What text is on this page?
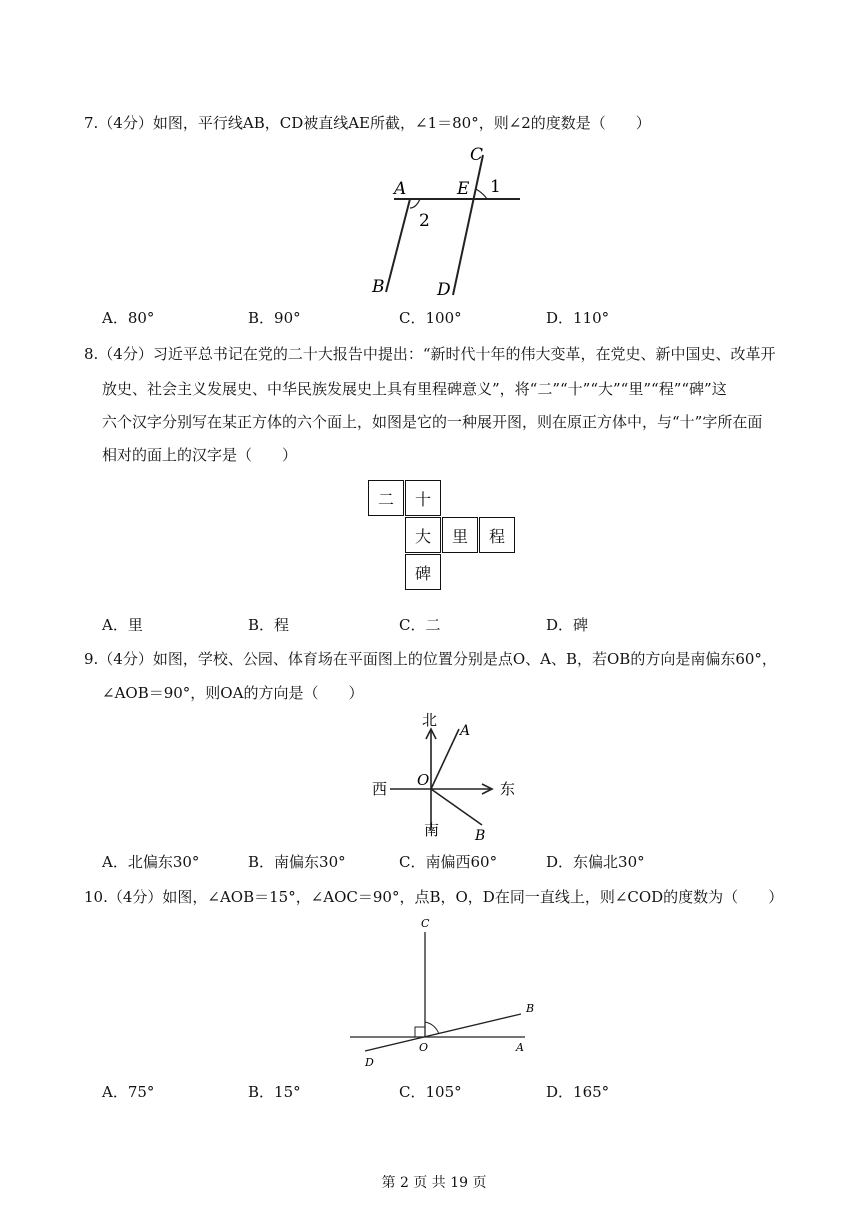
7.（4分）如图，平行线AB，CD被直线AE所截，∠1＝80°，则∠2的度数是（　　）
A	E
C
B	D
1
2
A．80°	B．90°	C．100°	D．110°
8.（4分）习近平总书记在党的二十大报告中提出：“新时代十年的伟大变革，在党史、新中国史、改革开
放史、社会主义发展史、中华民族发展史上具有里程碑意义”，将“二”“十”“大”“里”“程”“碑”这
六个汉字分别写在某正方体的六个面上，如图是它的一种展开图，则在原正方体中，与“十”字所在面
相对的面上的汉字是（　　）
二	十
大	里	程
碑
A．里	B．程	C．二	D．碑
9.（4分）如图，学校、公园、体育场在平面图上的位置分别是点O、A、B，若OB的方向是南偏东60°，
∠AOB＝90°，则OA的方向是（　　）
北
南
西	东
O
A
B
A．北偏东30°	B．南偏东30°	C．南偏西60°	D．东偏北30°
10.（4分）如图，∠AOB＝15°，∠AOC＝90°，点B，O，D在同一直线上，则∠COD的度数为（　　）
C
B
O	A
D
A．75°	B．15°	C．105°	D．165°
第 2 页 共 19 页
